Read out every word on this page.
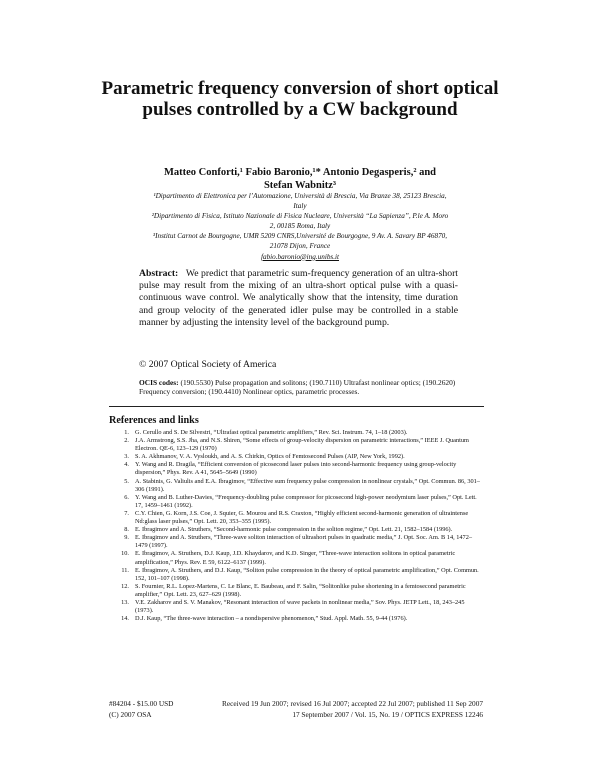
Parametric frequency conversion of short optical pulses controlled by a CW background
Matteo Conforti,¹ Fabio Baronio,¹* Antonio Degasperis,² and Stefan Wabnitz³
¹Dipartimento di Elettronica per l’Automazione, Università di Brescia, Via Branze 38, 25123 Brescia, Italy
²Dipartimento di Fisica, Istituto Nazionale di Fisica Nucleare, Università “La Sapienza”, P.le A. Moro 2, 00185 Roma, Italy
³Institut Carnot de Bourgogne, UMR 5209 CNRS,Université de Bourgogne, 9 Av. A. Savary BP 46870, 21078 Dijon, France
fabio.baronio@ing.unibs.it
Abstract: We predict that parametric sum-frequency generation of an ultra-short pulse may result from the mixing of an ultra-short optical pulse with a quasi-continuous wave control. We analytically show that the intensity, time duration and group velocity of the generated idler pulse may be controlled in a stable manner by adjusting the intensity level of the background pump.
© 2007 Optical Society of America
OCIS codes: (190.5530) Pulse propagation and solitons; (190.7110) Ultrafast nonlinear optics; (190.2620) Frequency conversion; (190.4410) Nonlinear optics, parametric processes.
References and links
1. G. Cerullo and S. De Silvestri, “Ultrafast optical parametric amplifiers,” Rev. Sci. Instrum. 74, 1–18 (2003).
2. J.A. Armstrong, S.S. Jha, and N.S. Shiren, “Some effects of group-velocity dispersion on parametric interactions,” IEEE J. Quantum Electron. QE-6, 123–129 (1970)
3. S. A. Akhmanov, V. A. Vysloukh, and A. S. Chirkin, Optics of Femtosecond Pulses (AIP, New York, 1992).
4. Y. Wang and R. Dragila, “Efficient conversion of picosecond laser pulses into second-harmonic frequency using group-velocity dispersion,” Phys. Rev. A 41, 5645–5649 (1990)
5. A. Stabinis, G. Valiulis and E.A. Ibragimov, “Effective sum frequency pulse compression in nonlinear crystals,” Opt. Commun. 86, 301–306 (1991).
6. Y. Wang and B. Luther-Davies, “Frequency-doubling pulse compressor for picosecond high-power neodymium laser pulses,” Opt. Lett. 17, 1459–1461 (1992).
7. C.Y. Chien, G. Korn, J.S. Coe, J. Squier, G. Mourou and R.S. Craxton, “Highly efficient second-harmonic generation of ultraintense Nd:glass laser pulses,” Opt. Lett. 20, 353–355 (1995).
8. E. Ibragimov and A. Struthers, “Second-harmonic pulse compression in the soliton regime,” Opt. Lett. 21, 1582–1584 (1996).
9. E. Ibragimov and A. Struthers, “Three-wave soliton interaction of ultrashort pulses in quadratic media,” J. Opt. Soc. Am. B 14, 1472–1479 (1997).
10. E. Ibragimov, A. Struthers, D.J. Kaup, J.D. Khaydarov, and K.D. Singer, “Three-wave interaction solitons in optical parametric amplification,” Phys. Rev. E 59, 6122–6137 (1999).
11. E. Ibragimov, A. Struthers, and D.J. Kaup, “Soliton pulse compression in the theory of optical parametric amplification,” Opt. Commun. 152, 101–107 (1998).
12. S. Fournier, R.L. Lopez-Martens, C. Le Blanc, E. Baubeau, and F. Salin, “Solitonlike pulse shortening in a femtosecond parametric amplifier,” Opt. Lett. 23, 627–629 (1998).
13. V.E. Zakharov and S. V. Manakov, “Resonant interaction of wave packets in nonlinear media,” Sov. Phys. JETP Lett., 18, 243–245 (1973).
14. D.J. Kaup, “The three-wave interaction – a nondispersive phenomenon,” Stud. Appl. Math. 55, 9-44 (1976).
#84204 - $15.00 USD
(C) 2007 OSA
Received 19 Jun 2007; revised 16 Jul 2007; accepted 22 Jul 2007; published 11 Sep 2007
17 September 2007 / Vol. 15, No. 19 / OPTICS EXPRESS 12246
